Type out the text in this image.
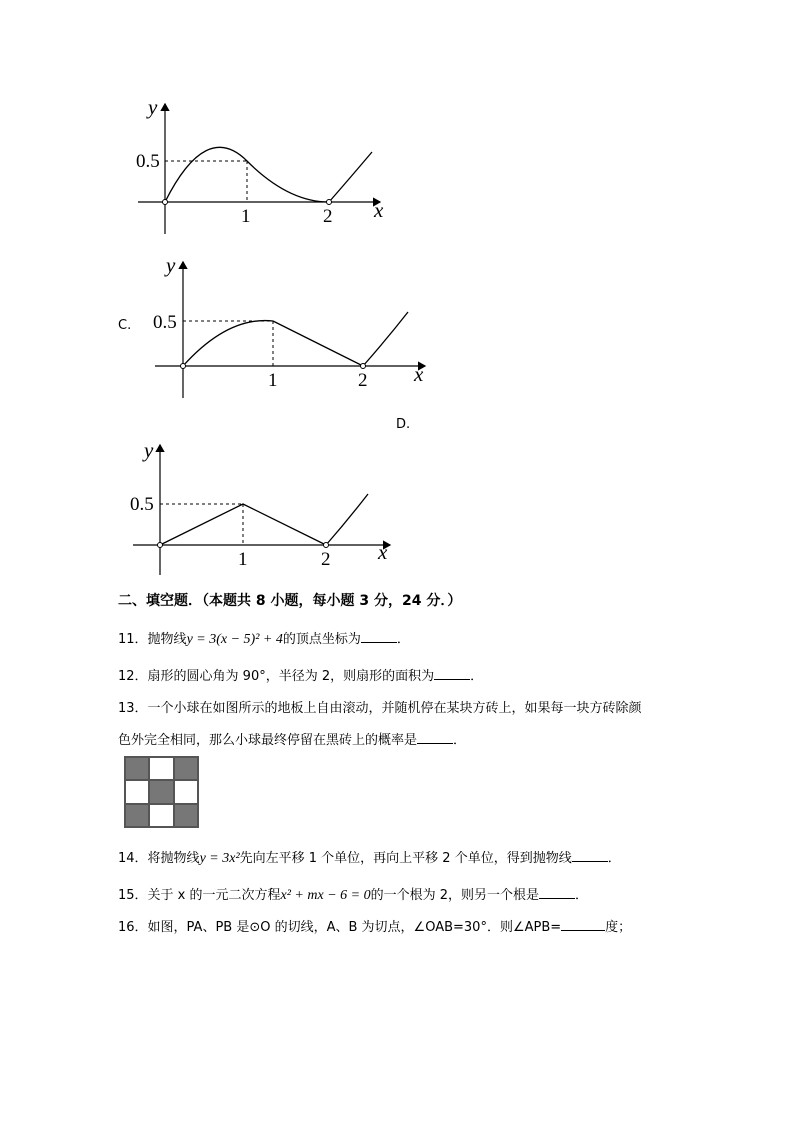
y
x
0.5
1	2
y
x
0.5
1	2
y
x
0.5
1	2
C.
D.
二、填空题．（本题共 8 小题，每小题 3 分，24 分．）
11．抛物线y = 3(x − 5)² + 4的顶点坐标为	．
12．扇形的圆心角为 90°，半径为 2，则扇形的面积为	．
13．一个小球在如图所示的地板上自由滚动，并随机停在某块方砖上，如果每一块方砖除颜
色外完全相同，那么小球最终停留在黑砖上的概率是	．
14．将抛物线y = 3x²先向左平移 1 个单位，再向上平移 2 个单位，得到抛物线	．
15．关于 x 的一元二次方程x² + mx − 6 = 0的一个根为 2，则另一个根是	．
16．如图，PA、PB 是⊙O 的切线，A、B 为切点，∠OAB=30°．则∠APB=	度；
